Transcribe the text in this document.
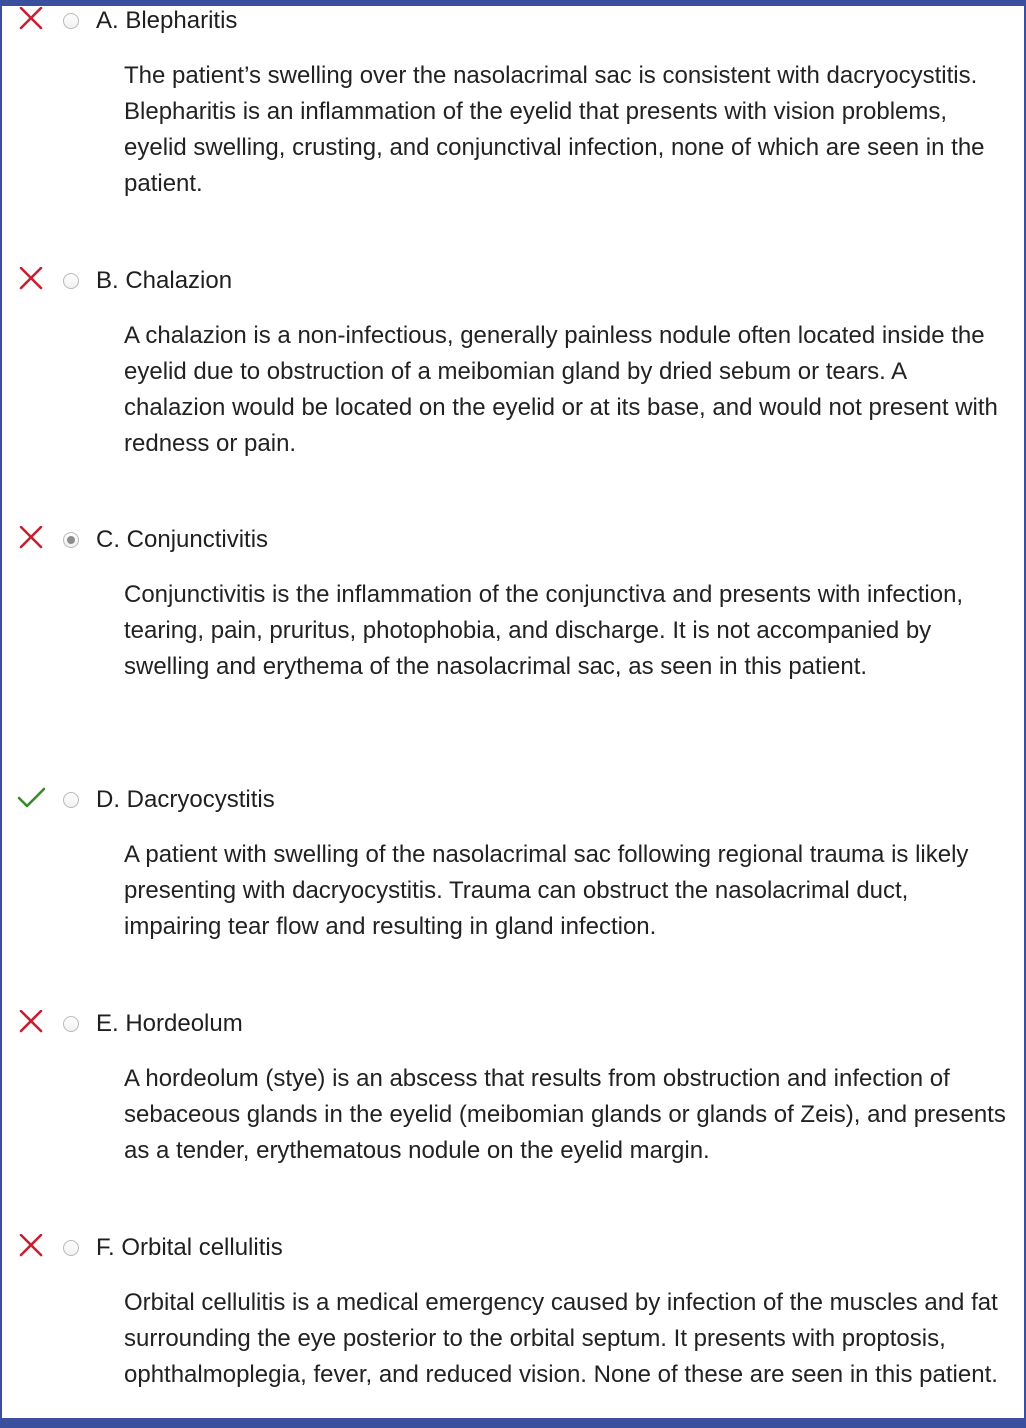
A. Blepharitis

The patient’s swelling over the nasolacrimal sac is consistent with dacryocystitis. Blepharitis is an inflammation of the eyelid that presents with vision problems, eyelid swelling, crusting, and conjunctival infection, none of which are seen in the patient.

B. Chalazion

A chalazion is a non-infectious, generally painless nodule often located inside the eyelid due to obstruction of a meibomian gland by dried sebum or tears. A chalazion would be located on the eyelid or at its base, and would not present with redness or pain.

C. Conjunctivitis

Conjunctivitis is the inflammation of the conjunctiva and presents with infection, tearing, pain, pruritus, photophobia, and discharge. It is not accompanied by swelling and erythema of the nasolacrimal sac, as seen in this patient.

D. Dacryocystitis

A patient with swelling of the nasolacrimal sac following regional trauma is likely presenting with dacryocystitis. Trauma can obstruct the nasolacrimal duct, impairing tear flow and resulting in gland infection.

E. Hordeolum

A hordeolum (stye) is an abscess that results from obstruction and infection of sebaceous glands in the eyelid (meibomian glands or glands of Zeis), and presents as a tender, erythematous nodule on the eyelid margin.

F. Orbital cellulitis

Orbital cellulitis is a medical emergency caused by infection of the muscles and fat surrounding the eye posterior to the orbital septum. It presents with proptosis, ophthalmoplegia, fever, and reduced vision. None of these are seen in this patient.
